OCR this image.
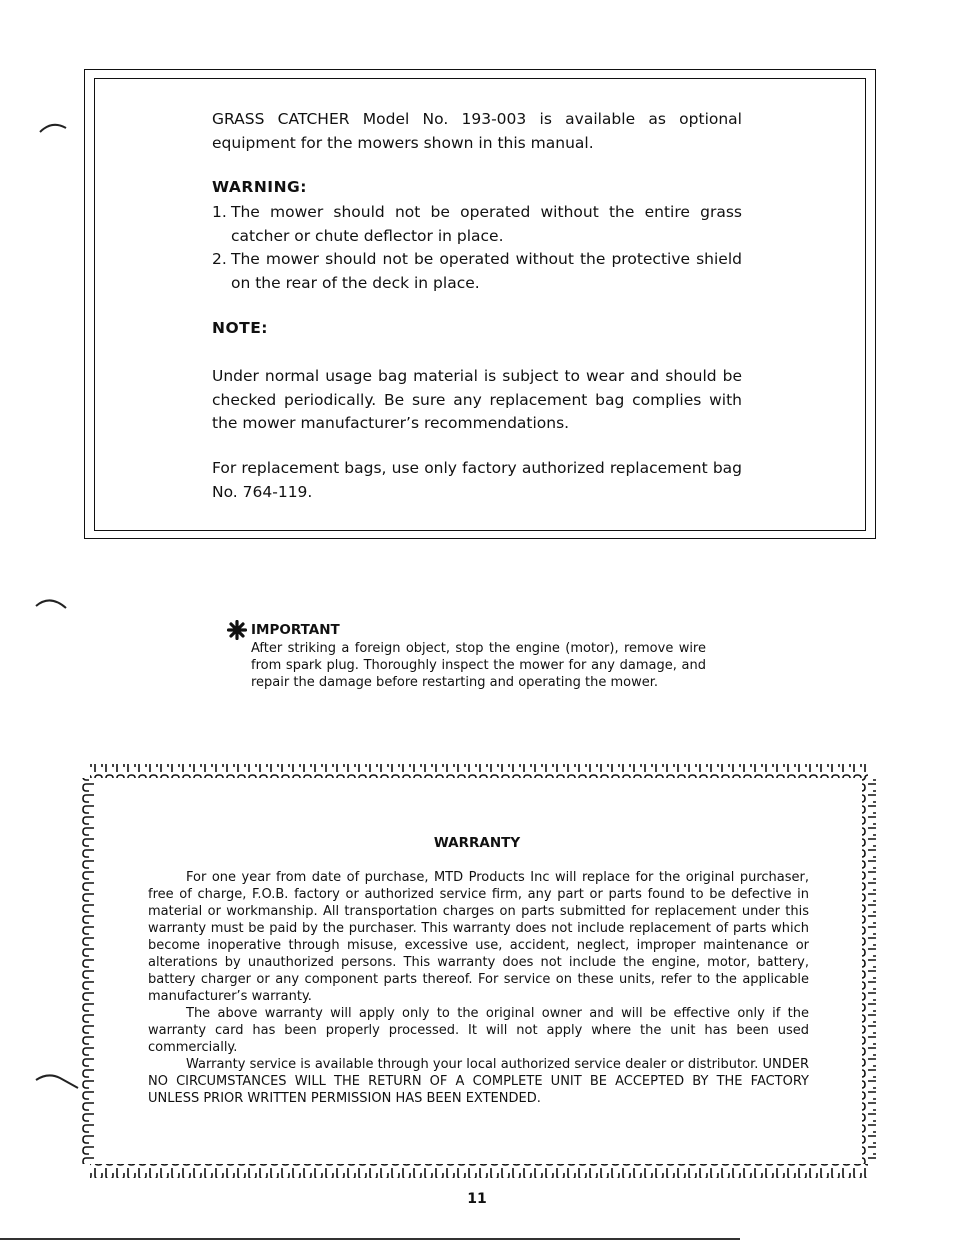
GRASS CATCHER Model No. 193-003 is available as optional equipment for the mowers shown in this manual.
WARNING:
1. The mower should not be operated without the entire grass catcher or chute deflector in place.
2. The mower should not be operated without the protective shield on the rear of the deck in place.
NOTE:
Under normal usage bag material is subject to wear and should be checked periodically. Be sure any replacement bag complies with the mower manufacturer’s recommendations.
For replacement bags, use only factory authorized replacement bag No. 764-119.
IMPORTANT
After striking a foreign object, stop the engine (motor), remove wire from spark plug. Thoroughly inspect the mower for any damage, and repair the damage before restarting and operating the mower.
WARRANTY
For one year from date of purchase, MTD Products Inc will replace for the original purchaser, free of charge, F.O.B. factory or authorized service firm, any part or parts found to be defective in material or workmanship. All transportation charges on parts submitted for replacement under this warranty must be paid by the purchaser. This warranty does not include replacement of parts which become inoperative through misuse, excessive use, accident, neglect, improper maintenance or alterations by unauthorized persons. This warranty does not include the engine, motor, battery, battery charger or any component parts thereof. For service on these units, refer to the applicable manufacturer’s warranty.
The above warranty will apply only to the original owner and will be effective only if the warranty card has been properly processed. It will not apply where the unit has been used commercially.
Warranty service is available through your local authorized service dealer or distributor. UNDER NO CIRCUMSTANCES WILL THE RETURN OF A COMPLETE UNIT BE ACCEPTED BY THE FACTORY UNLESS PRIOR WRITTEN PERMISSION HAS BEEN EXTENDED.
11
